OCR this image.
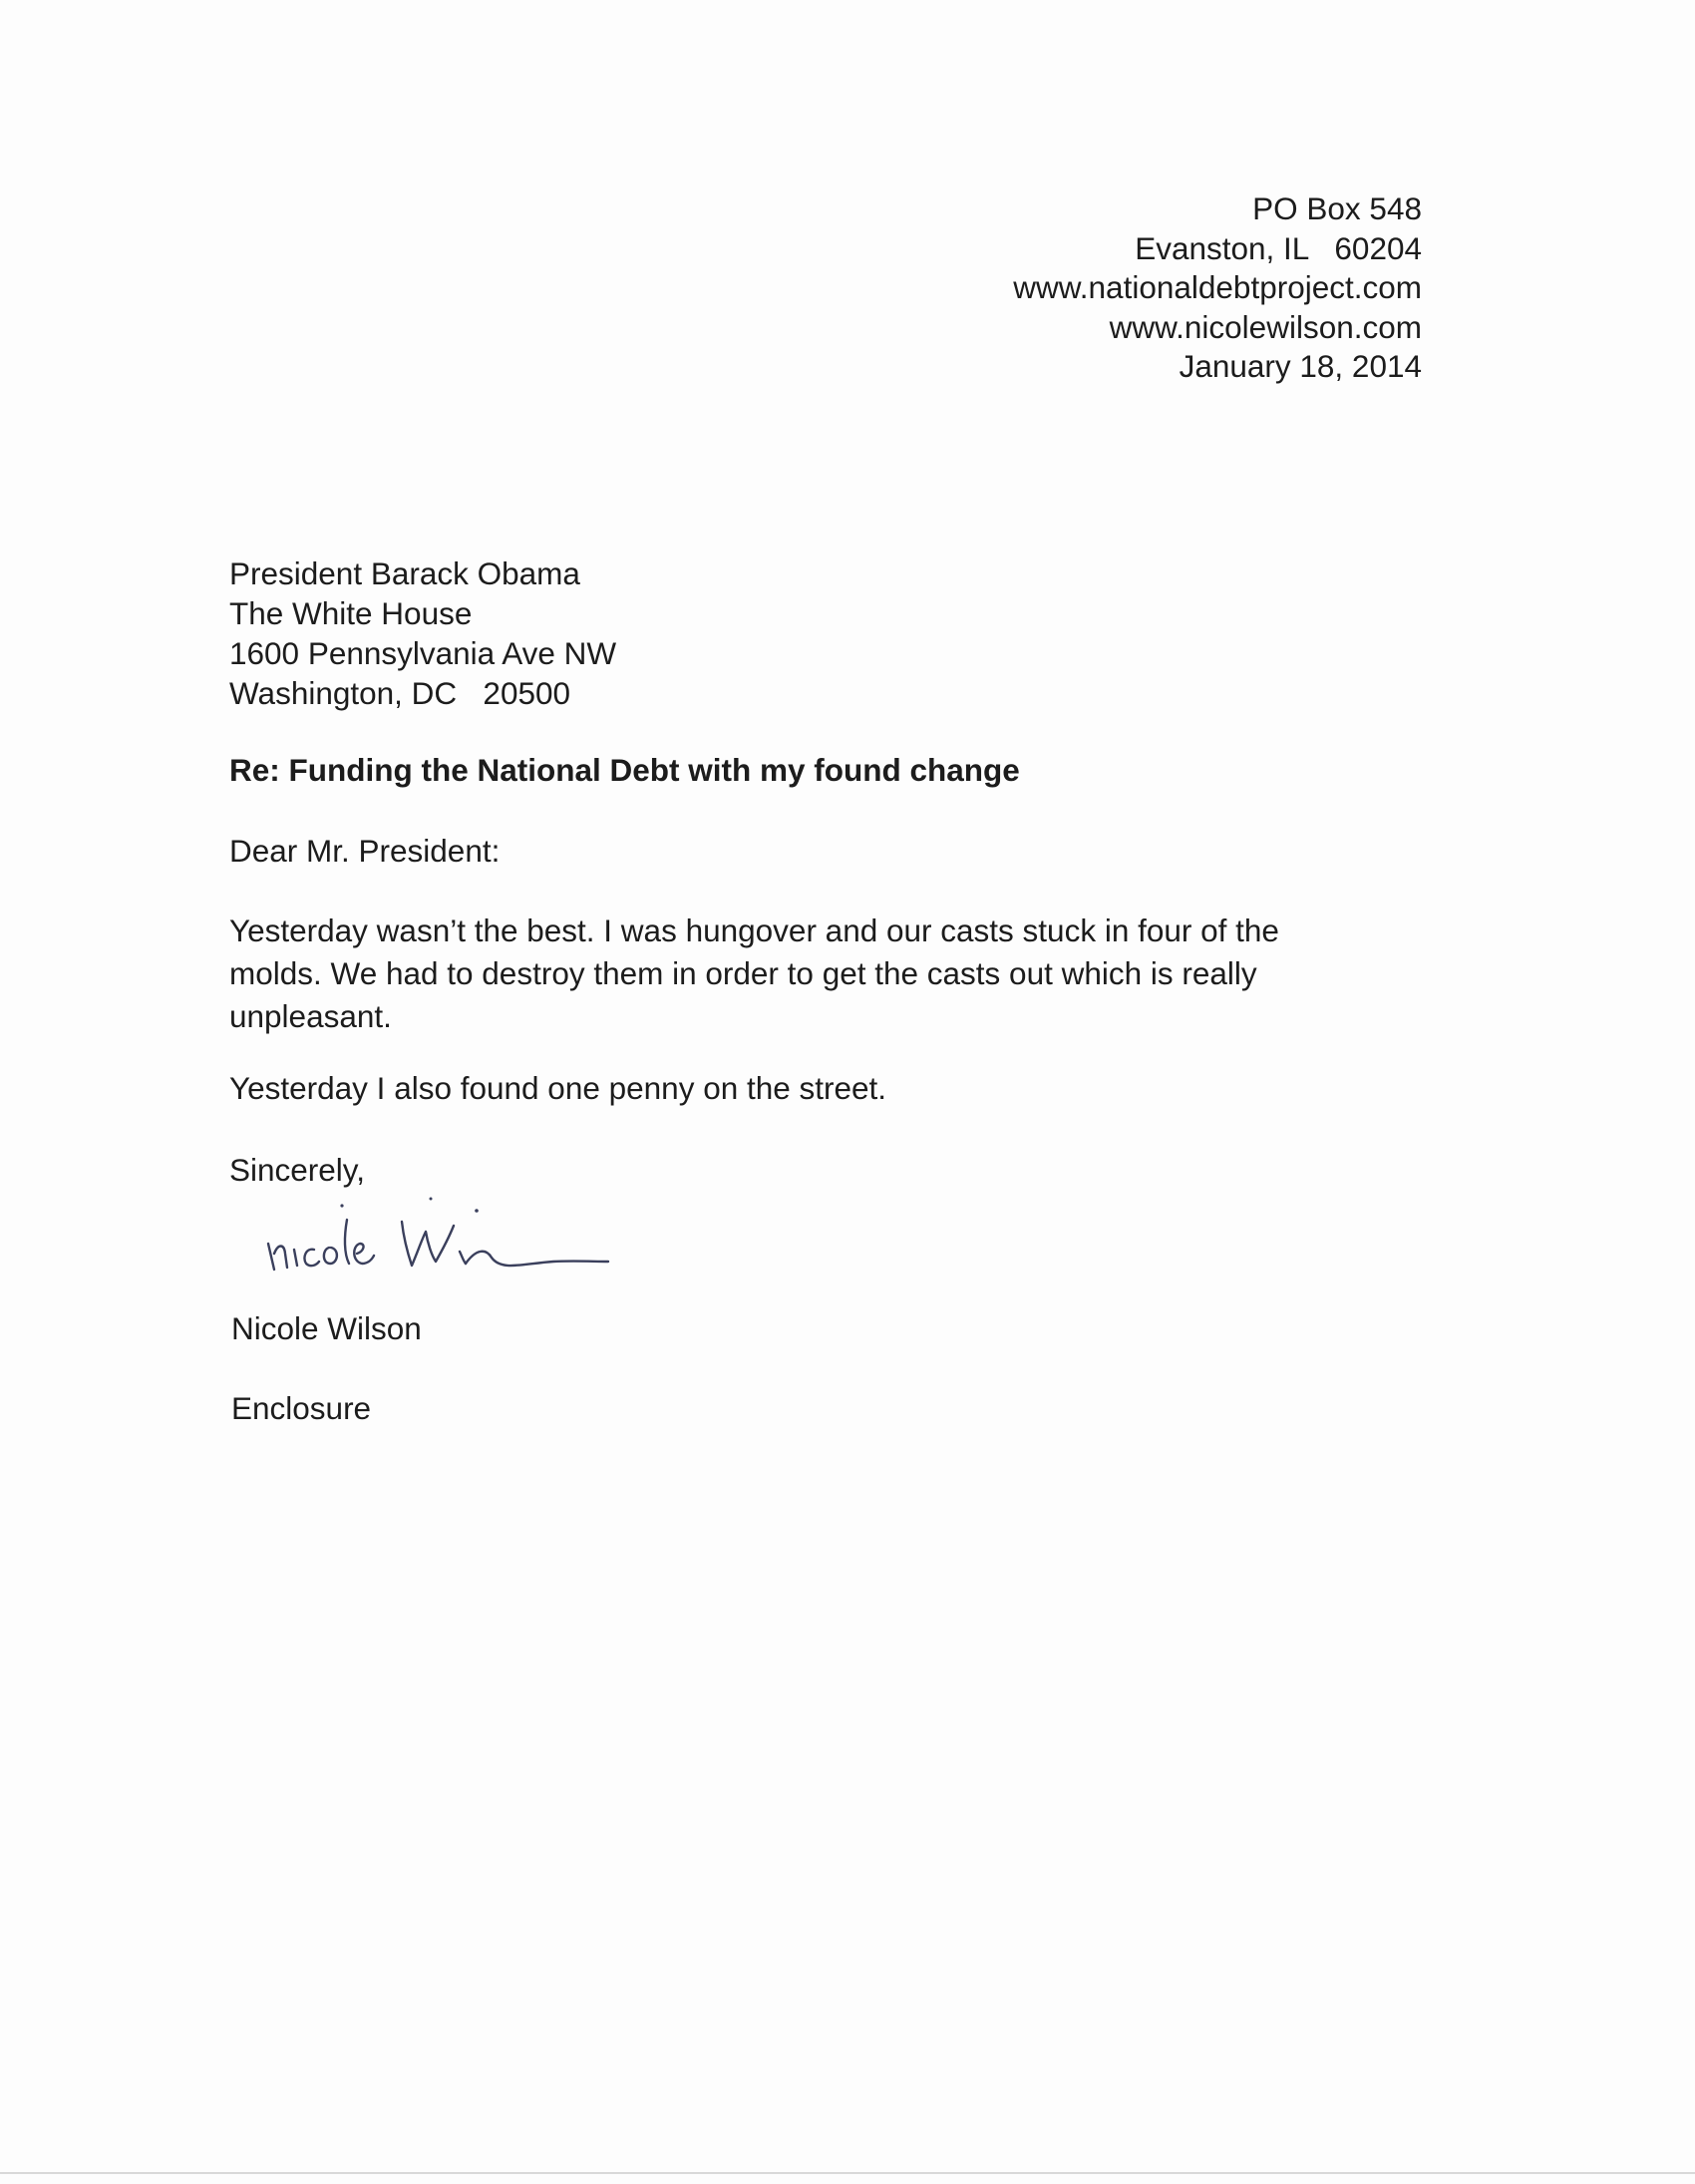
PO Box 548
Evanston, IL   60204
www.nationaldebtproject.com
www.nicolewilson.com
January 18, 2014
President Barack Obama
The White House
1600 Pennsylvania Ave NW
Washington, DC   20500
Re: Funding the National Debt with my found change
Dear Mr. President:
Yesterday wasn’t the best. I was hungover and our casts stuck in four of the
molds. We had to destroy them in order to get the casts out which is really
unpleasant.
Yesterday I also found one penny on the street.
Sincerely,
nicole Wi
Nicole Wilson
Enclosure
